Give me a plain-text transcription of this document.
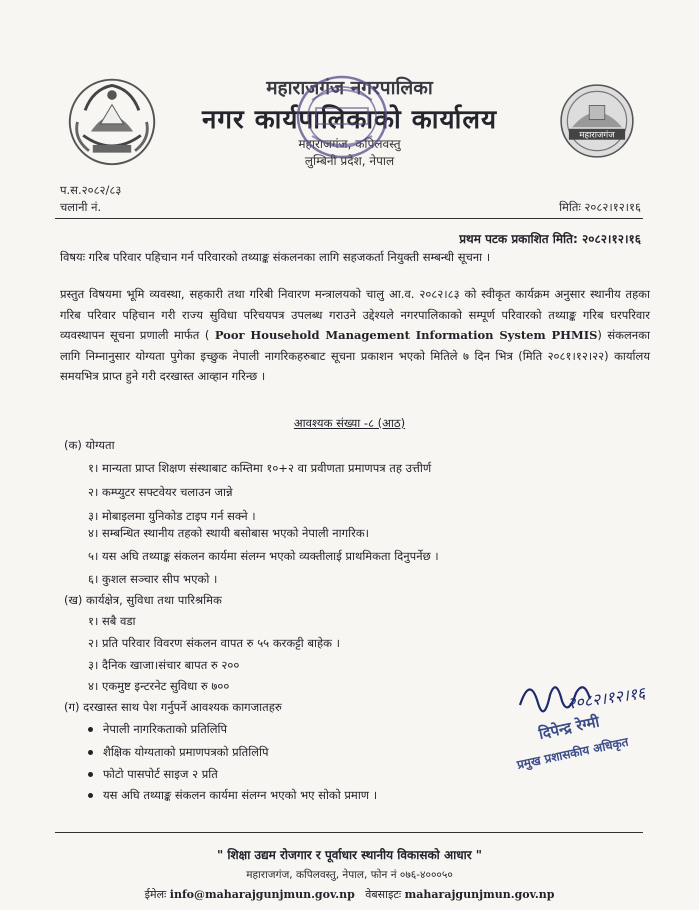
महाराजगंज
महाराजगंज नगरपालिका
नगर कार्यपालिकाको कार्यालय
महाराजगंज, कपिलवस्तु
लुम्बिनी प्रदेश, नेपाल
प.स.२०८२/८३
चलानी नं.	मितिः २०८२।१२।१६
प्रथम पटक प्रकाशित मिति: २०८२।१२।१६
विषयः गरिब परिवार पहिचान गर्न परिवारको तथ्याङ्क संकलनका लागि सहजकर्ता नियुक्ती सम्बन्धी सूचना ।
प्रस्तुत विषयमा भूमि व्यवस्था, सहकारी तथा गरिबी निवारण मन्त्रालयको चालु आ.व. २०८२।८३ को स्वीकृत कार्यक्रम अनुसार स्थानीय तहका गरिब परिवार पहिचान गरी राज्य सुविधा परिचयपत्र उपलब्ध गराउने उद्देश्यले नगरपालिकाको सम्पूर्ण परिवारको तथ्याङ्क गरिब घरपरिवार व्यवस्थापन सूचना प्रणाली मार्फत ( Poor Household Management Information System PHMIS) संकलनका लागि निम्नानुसार योग्यता पुगेका इच्छुक नेपाली नागरिकहरुबाट सूचना प्रकाशन भएको मितिले ७ दिन भित्र (मिति २०८१।१२।२२) कार्यालय समयभित्र प्राप्त हुने गरी दरखास्त आव्हान गरिन्छ ।
आवश्यक संख्या -८ (आठ)
(क) योग्यता
१। मान्यता प्राप्त शिक्षण संस्थाबाट कम्तिमा १०+२ वा प्रवीणता प्रमाणपत्र तह उत्तीर्ण
२। कम्प्युटर सफ्टवेयर चलाउन जान्ने
३। मोबाइलमा युनिकोड टाइप गर्न सक्ने ।
४। सम्बन्धित स्थानीय तहको स्थायी बसोबास भएको नेपाली नागरिक।
५। यस अघि तथ्याङ्क संकलन कार्यमा संलग्न भएको व्यक्तीलाई प्राथमिकता दिनुपर्नेछ ।
६। कुशल सञ्चार सीप भएको ।
(ख) कार्यक्षेत्र, सुविधा तथा पारिश्रमिक
१। सबै वडा
२। प्रति परिवार विवरण संकलन वापत रु ५५ करकट्टी बाहेक ।
३। दैनिक खाजा।संचार बापत रु २००
४। एकमुष्ट इन्टरनेट सुविधा रु ७००
(ग) दरखास्त साथ पेश गर्नुपर्ने आवश्यक कागजातहरु
नेपाली नागरिकताको प्रतिलिपि
शैक्षिक योग्यताको प्रमाणपत्रको प्रतिलिपि
फोटो पासपोर्ट साइज २ प्रति
यस अघि तथ्याङ्क संकलन कार्यमा संलग्न भएको भए सोको प्रमाण ।
२०८२।१२।१६
दिपेन्द्र रेग्मी
प्रमुख प्रशासकीय अधिकृत
" शिक्षा उद्यम रोजगार र पूर्वाधार स्थानीय विकासको आधार "
महाराजगंज, कपिलवस्तु, नेपाल, फोन नं ०७६-४०००५०
ईमेलः info@maharajgunjmun.gov.np वेबसाइटः maharajgunjmun.gov.np
